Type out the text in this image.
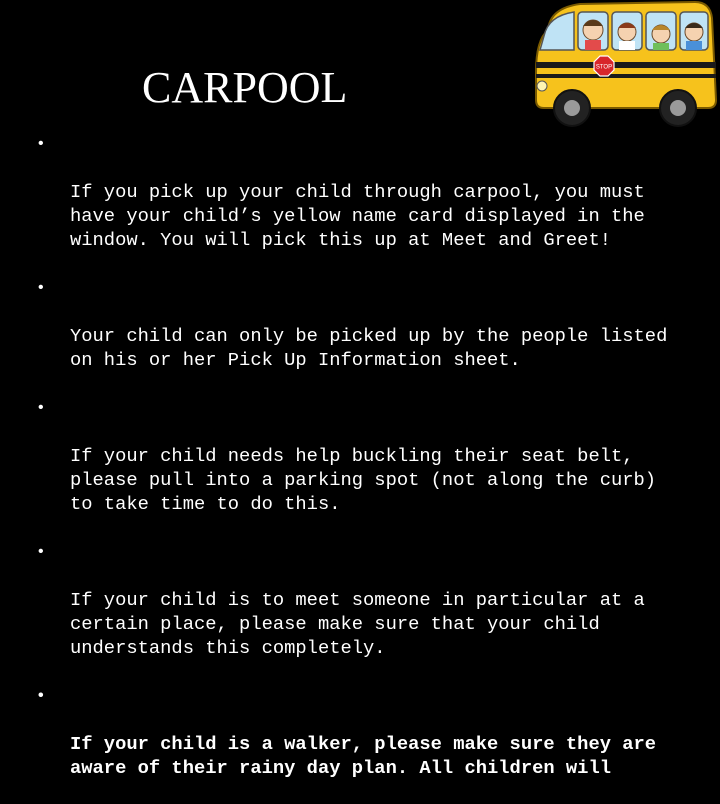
CARPOOL	STOP

•

If you pick up your child through carpool, you must
have your child’s yellow name card displayed in the
window. You will pick this up at Meet and Greet!

•

Your child can only be picked up by the people listed
on his or her Pick Up Information sheet.

•

If your child needs help buckling their seat belt,
please pull into a parking spot (not along the curb)
to take time to do this.

•

If your child is to meet someone in particular at a
certain place, please make sure that your child
understands this completely.

•

If your child is a walker, please make sure they are
aware of their rainy day plan. All children will
